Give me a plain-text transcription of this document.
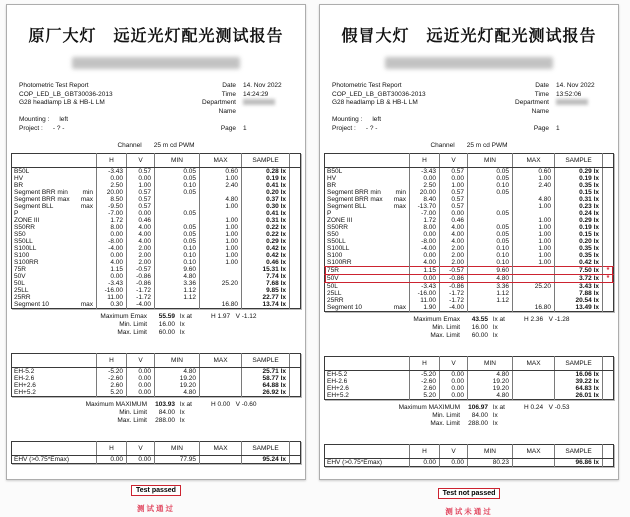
原厂大灯　远近光灯配光测试报告
Photometric Test Report
COP_LED_LB_GBT30036-2013
G28 headlamp LB & HB-L LM
Mounting : left
Project : - ? -
Date 14. Nov 2022
Time 14:24:29
Department
Name
Page 1
Channel 25 m cd PWM
	H	V	MIN	MAX	SAMPLE	

B50L	-3.43	0.57	0.05	0.60	0.28 lx	

HV	0.00	0.00	0.05	1.00	0.19 lx	

BR	2.50	1.00	0.10	2.40	0.41 lx	

Segment BRR min min	20.00	0.57	0.05		0.20 lx	

Segment BRR max max	8.50	0.57		4.80	0.37 lx	

Segment BLL max	-9.50	0.57		1.00	0.30 lx	

P	-7.00	0.00	0.05		0.41 lx	

ZONE III	1.72	0.46		1.00	0.31 lx	

S50RR	8.00	4.00	0.05	1.00	0.22 lx	

S50	0.00	4.00	0.05	1.00	0.22 lx	

S50LL	-8.00	4.00	0.05	1.00	0.29 lx	

S100LL	-4.00	2.00	0.10	1.00	0.42 lx	

S100	0.00	2.00	0.10	1.00	0.42 lx	

S100RR	4.00	2.00	0.10	1.00	0.46 lx	

75R	1.15	-0.57	9.60		15.31 lx	

50V	0.00	-0.86	4.80		7.74 lx	

50L	-3.43	-0.86	3.36	25.20	7.68 lx	

25LL	-16.00	-1.72	1.12		9.85 lx	

25RR	11.00	-1.72	1.12		22.77 lx	

Segment 10 max	0.30	-4.00		16.80	13.74 lx	
Maximum Emax	55.59 lx at	H 1.97   V -1.12
Min. Limit	16.00 lx
Max. Limit	60.00 lx
	H	V	MIN	MAX	SAMPLE	

EH-5.2	-5.20	0.00	4.80		25.71 lx	

EH-2.6	-2.60	0.00	19.20		58.77 lx	

EH+2.6	2.60	0.00	19.20		64.88 lx	

EH+5.2	5.20	0.00	4.80		26.92 lx	
Maximum MAXIMUM	103.93 lx at	H 0.00   V -0.60
Min. Limit	84.00 lx
Max. Limit	288.00 lx
	H	V	MIN	MAX	SAMPLE	

EHV (>0.75*Emax)	0.00	0.00	77.95		95.24 lx	
Test passed
测试通过
假冒大灯　远近光灯配光测试报告
Photometric Test Report
COP_LED_LB_GBT30036-2013
G28 headlamp LB & HB-L LM
Mounting : left
Project : - ? -
Date 14. Nov 2022
Time 13:52:06
Department
Name
Page 1
Channel 25 m cd PWM
	H	V	MIN	MAX	SAMPLE	

B50L	-3.43	0.57	0.05	0.60	0.29 lx	

HV	0.00	0.00	0.05	1.00	0.19 lx	

BR	2.50	1.00	0.10	2.40	0.35 lx	

Segment BRR min min	20.00	0.57	0.05		0.15 lx	

Segment BRR max max	8.40	0.57		4.80	0.31 lx	

Segment BLL max	-13.70	0.57		1.00	0.23 lx	

P	-7.00	0.00	0.05		0.24 lx	

ZONE III	1.72	0.46		1.00	0.29 lx	

S50RR	8.00	4.00	0.05	1.00	0.19 lx	

S50	0.00	4.00	0.05	1.00	0.15 lx	

S50LL	-8.00	4.00	0.05	1.00	0.20 lx	

S100LL	-4.00	2.00	0.10	1.00	0.35 lx	

S100	0.00	2.00	0.10	1.00	0.35 lx	

S100RR	4.00	2.00	0.10	1.00	0.42 lx	

75R	1.15	-0.57	9.60		7.50 lx	*

50V	0.00	-0.86	4.80		3.72 lx	*

50L	-3.43	-0.86	3.36	25.20	3.43 lx	

25LL	-16.00	-1.72	1.12		7.88 lx	

25RR	11.00	-1.72	1.12		20.54 lx	

Segment 10 max	1.90	-4.00		16.80	13.49 lx	
Maximum Emax	43.55 lx at	H 2.36   V -1.28
Min. Limit	16.00 lx
Max. Limit	60.00 lx
	H	V	MIN	MAX	SAMPLE	

EH-5.2	-5.20	0.00	4.80		16.06 lx	

EH-2.6	-2.60	0.00	19.20		39.22 lx	

EH+2.6	2.60	0.00	19.20		64.83 lx	

EH+5.2	5.20	0.00	4.80		26.01 lx	
Maximum MAXIMUM	106.97 lx at	H 0.24   V -0.53
Min. Limit	84.00 lx
Max. Limit	288.00 lx
	H	V	MIN	MAX	SAMPLE	

EHV (>0.75*Emax)	0.00	0.00	80.23		96.86 lx	
Test not passed
测试未通过
